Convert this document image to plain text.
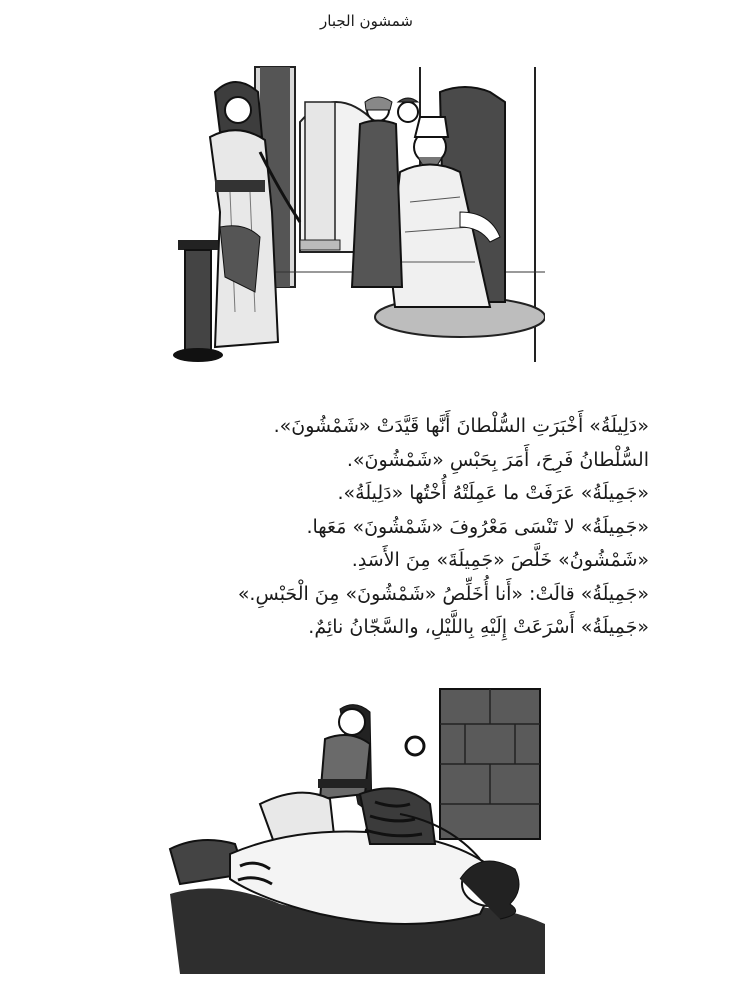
شمشون الجبار
«دَلِيلَةُ» أَخْبَرَتِ السُّلْطانَ أَنَّها قَيَّدَتْ «شَمْشُونَ».
السُّلْطانُ فَرِحَ، أَمَرَ بِحَبْسِ «شَمْشُونَ».
«جَمِيلَةُ» عَرَفَتْ ما عَمِلَتْهُ أُخْتُها «دَلِيلَةُ».
«جَمِيلَةُ» لا تَنْسَى مَعْرُوفَ «شَمْشُونَ» مَعَها.
«شَمْشُونُ» خَلَّصَ «جَمِيلَةَ» مِنَ الأَسَدِ.
«جَمِيلَةُ» قالَتْ: «أَنا أُخَلِّصُ «شَمْشُونَ» مِنَ الْحَبْسِ.»
«جَمِيلَةُ» أَسْرَعَتْ إِلَيْهِ بِاللَّيْلِ، والسَّجّانُ نائِمٌ.
